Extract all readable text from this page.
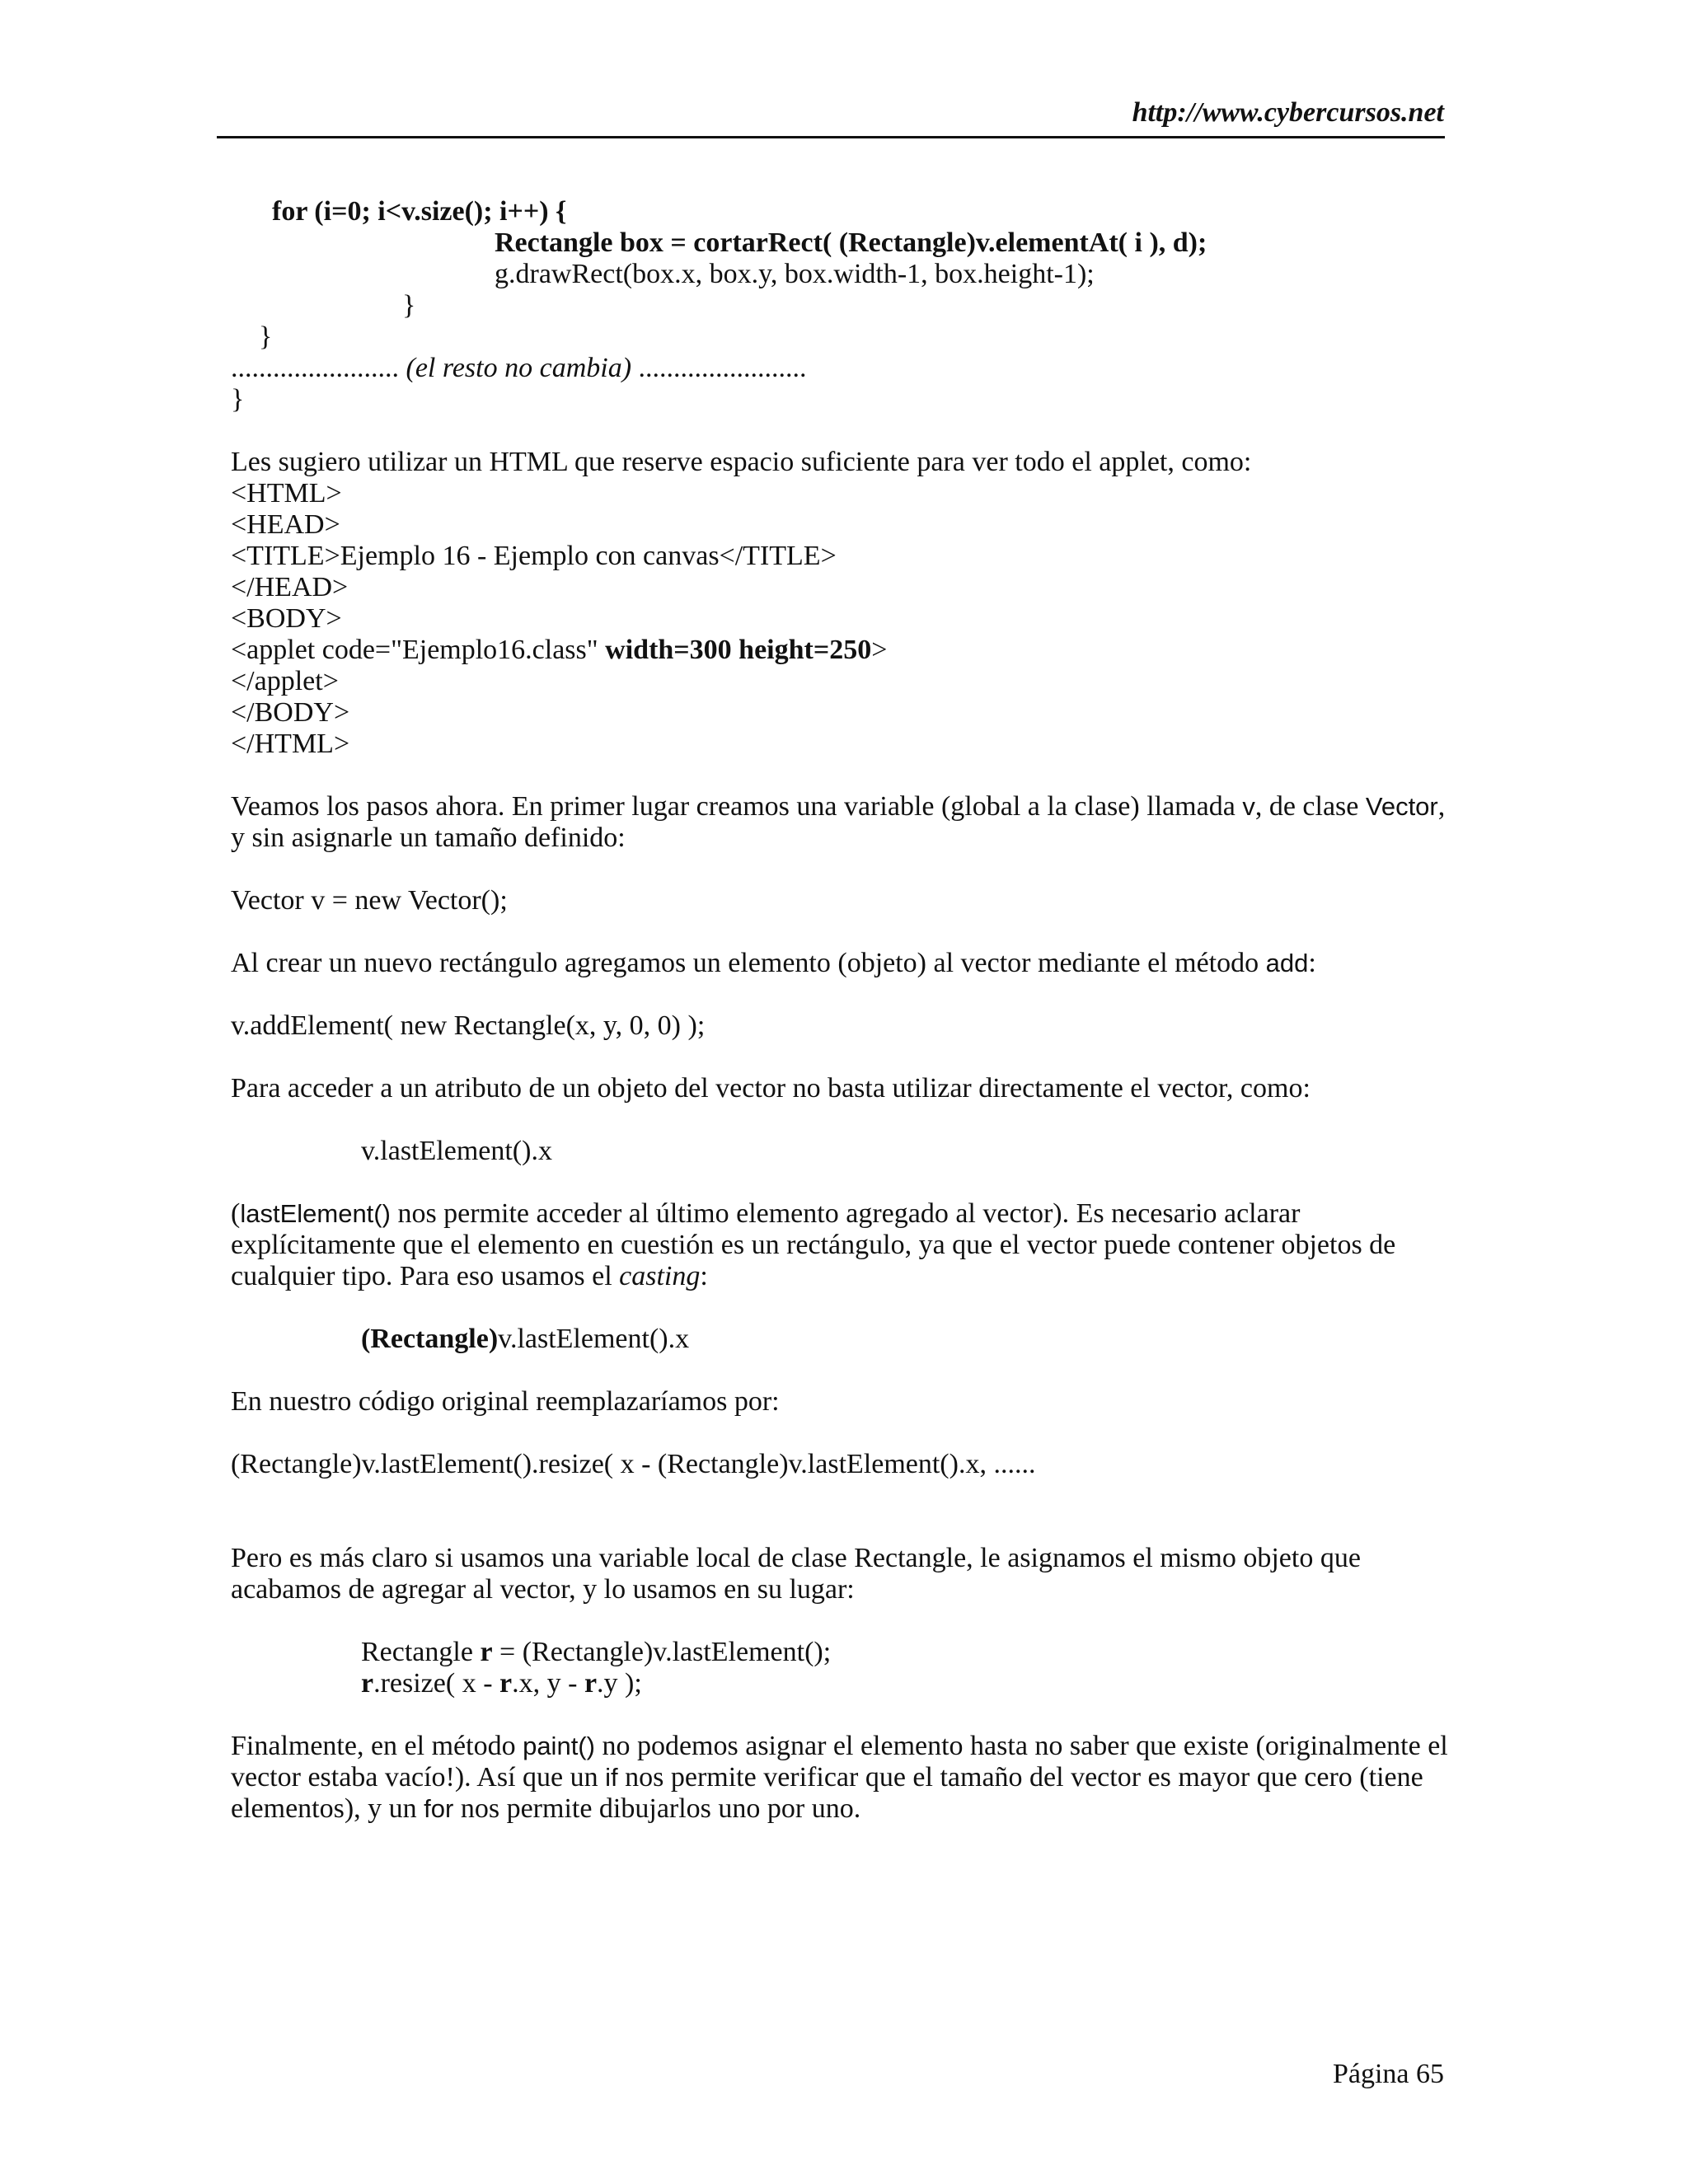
http://www.cybercursos.net
for (i=0; i<v.size(); i++) {
Rectangle box = cortarRect( (Rectangle)v.elementAt( i ), d);
g.drawRect(box.x, box.y, box.width-1, box.height-1);
}
}
........................ (el resto no cambia) ........................
}
Les sugiero utilizar un HTML que reserve espacio suficiente para ver todo el applet, como:
<HTML>
<HEAD>
<TITLE>Ejemplo 16 - Ejemplo con canvas</TITLE>
</HEAD>
<BODY>
<applet code="Ejemplo16.class" width=300 height=250>
</applet>
</BODY>
</HTML>
Veamos los pasos ahora. En primer lugar creamos una variable (global a la clase) llamada v, de clase Vector,
y sin asignarle un tamaño definido:
Vector v = new Vector();
Al crear un nuevo rectángulo agregamos un elemento (objeto) al vector mediante el método add:
v.addElement( new Rectangle(x, y, 0, 0) );
Para acceder a un atributo de un objeto del vector no basta utilizar directamente el vector, como:
v.lastElement().x
(lastElement() nos permite acceder al último elemento agregado al vector). Es necesario aclarar
explícitamente que el elemento en cuestión es un rectángulo, ya que el vector puede contener objetos de
cualquier tipo. Para eso usamos el casting:
(Rectangle)v.lastElement().x
En nuestro código original reemplazaríamos por:
(Rectangle)v.lastElement().resize( x - (Rectangle)v.lastElement().x, ......
Pero es más claro si usamos una variable local de clase Rectangle, le asignamos el mismo objeto que
acabamos de agregar al vector, y lo usamos en su lugar:
Rectangle r = (Rectangle)v.lastElement();
r.resize( x - r.x, y - r.y );
Finalmente, en el método paint() no podemos asignar el elemento hasta no saber que existe (originalmente el
vector estaba vacío!). Así que un if nos permite verificar que el tamaño del vector es mayor que cero (tiene
elementos), y un for nos permite dibujarlos uno por uno.
Página 65
